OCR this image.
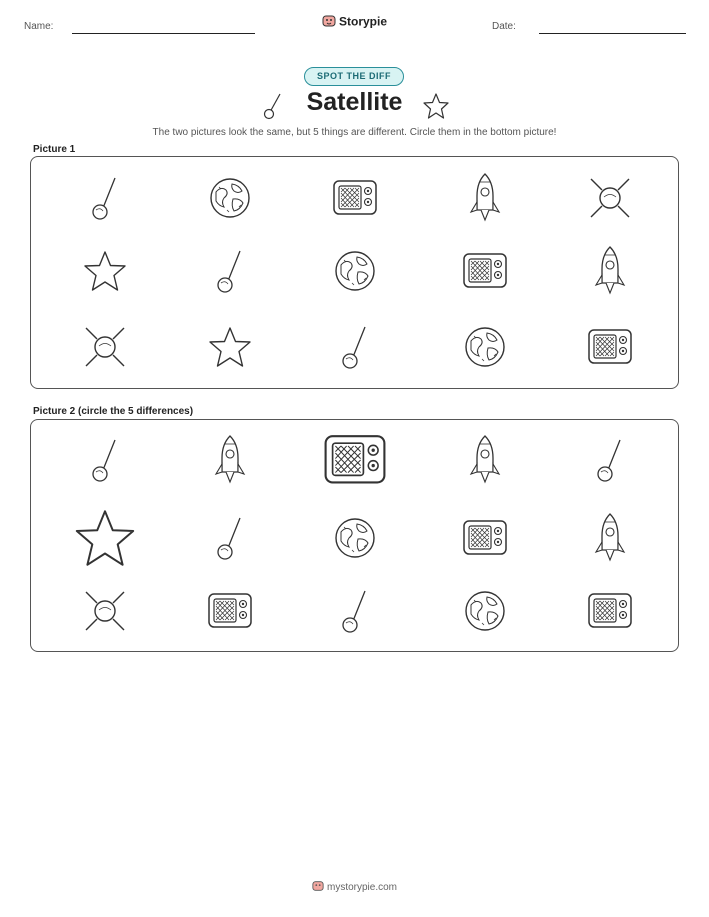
Name:	Date:
Storypie
SPOT THE DIFF
Satellite
The two pictures look the same, but 5 things are different. Circle them in the bottom picture!
Picture 1
Picture 2 (circle the 5 differences)
mystorypie.com
